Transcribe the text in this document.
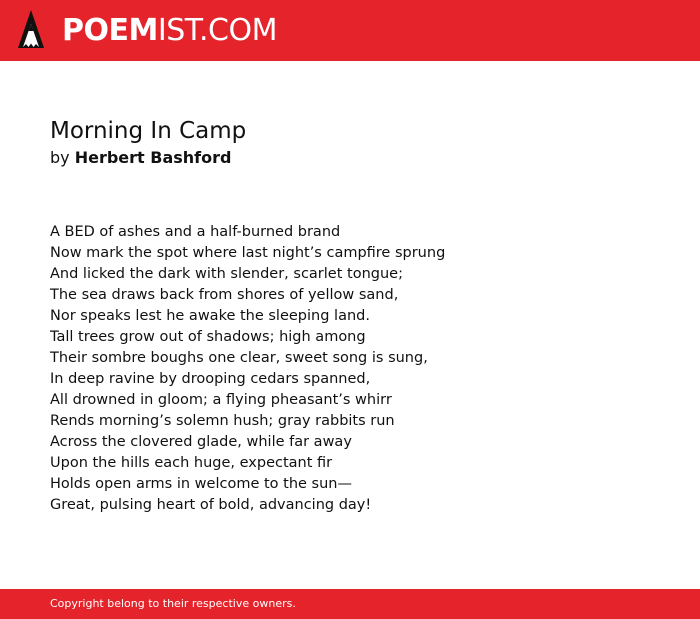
POEMIST.COM
Morning In Camp
by Herbert Bashford
A BED of ashes and a half-burned brand
Now mark the spot where last night’s campfire sprung
And licked the dark with slender, scarlet tongue;
The sea draws back from shores of yellow sand,
Nor speaks lest he awake the sleeping land.
Tall trees grow out of shadows; high among
Their sombre boughs one clear, sweet song is sung,
In deep ravine by drooping cedars spanned,
All drowned in gloom; a flying pheasant’s whirr
Rends morning’s solemn hush; gray rabbits run
Across the clovered glade, while far away
Upon the hills each huge, expectant fir
Holds open arms in welcome to the sun—
Great, pulsing heart of bold, advancing day!
Copyright belong to their respective owners.
